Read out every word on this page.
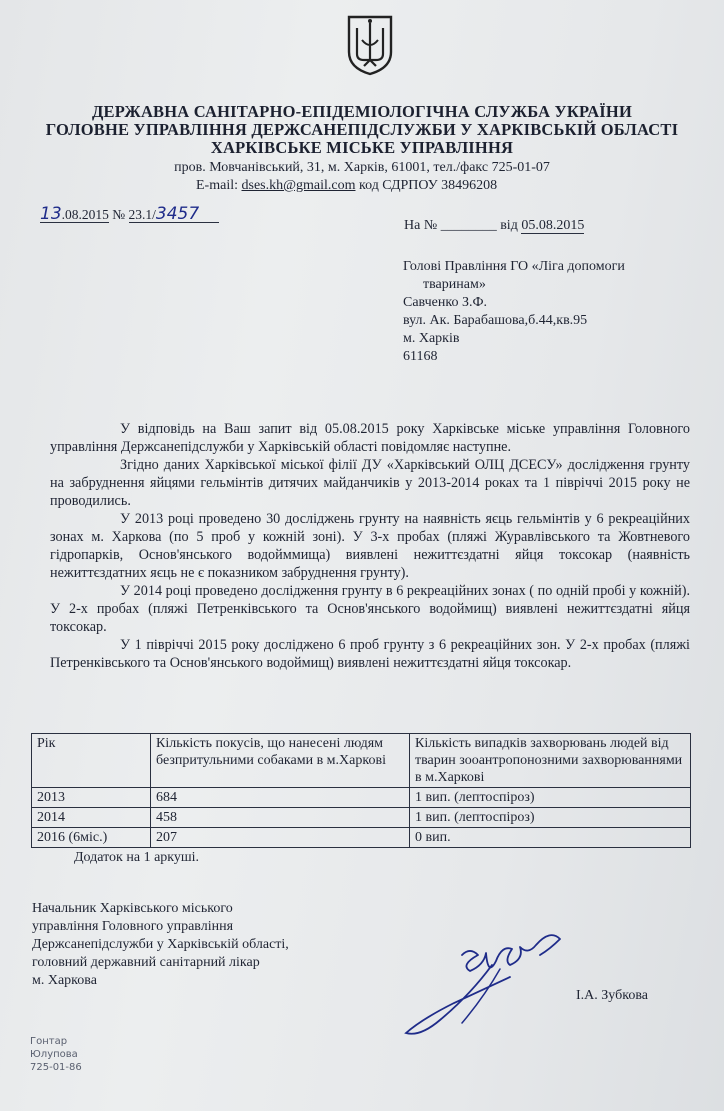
ДЕРЖАВНА САНІТАРНО-ЕПІДЕМІОЛОГІЧНА СЛУЖБА УКРАЇНИ
ГОЛОВНЕ УПРАВЛІННЯ ДЕРЖСАНЕПІДСЛУЖБИ У ХАРКІВСЬКІЙ ОБЛАСТІ
ХАРКІВСЬКЕ МІСЬКЕ УПРАВЛІННЯ
пров. Мовчанівський, 31, м. Харків, 61001, тел./факс 725-01-07
E-mail: dses.kh@gmail.com код СДРПОУ 38496208
13.08.2015 № 23.1/3457
На № ________ від 05.08.2015
Голові Правління ГО «Ліга допомоги
тваринам»
Савченко З.Ф.
вул. Ак. Барабашова,б.44,кв.95
м. Харків
61168

У відповідь на Ваш запит від 05.08.2015 року Харківське міське управління Головного управління Держсанепідслужби у Харківській області повідомляє наступне.

Згідно даних Харківської міської філії ДУ «Харківський ОЛЦ ДСЕСУ» дослідження грунту на забруднення яйцями гельмінтів дитячих майданчиків у 2013-2014 роках та 1 півріччі 2015 року не проводились.

У 2013 році проведено 30 досліджень грунту на наявність яєць гельмінтів у 6 рекреаційних зонах м. Харкова (по 5 проб у кожній зоні). У 3-х пробах (пляжі Журавлівського та Жовтневого гідропарків, Основ'янського водойммища) виявлені нежиттєздатні яйця токсокар (наявність нежиттєздатних яєць не є показником забруднення грунту).

У 2014 році проведено дослідження грунту в 6 рекреаційних зонах ( по одній пробі у кожній). У 2-х пробах (пляжі Петренківського та Основ'янського водоймищ) виявлені нежиттєздатні яйця токсокар.

У 1 півріччі 2015 року досліджено 6 проб грунту з 6 рекреаційних зон. У 2-х пробах (пляжі Петренківського та Основ'янського водоймищ) виявлені нежиттєздатні яйця токсокар.

Рік	Кількість покусів, що нанесені людям безпритульними собаками в м.Харкові	Кількість випадків захворювань людей від тварин зооантропонозними захворюваннями в м.Харкові
2013	684	1 вип. (лептоспіроз)
2014	458	1 вип. (лептоспіроз)
2016 (6міс.)	207	0 вип.
Додаток на 1 аркуші.
Начальник Харківського міського
управління Головного управління
Держсанепідслужби у Харківській області,
головний державний санітарний лікар
м. Харкова
І.А. Зубкова
Гонтар
Юлупова
725-01-86
